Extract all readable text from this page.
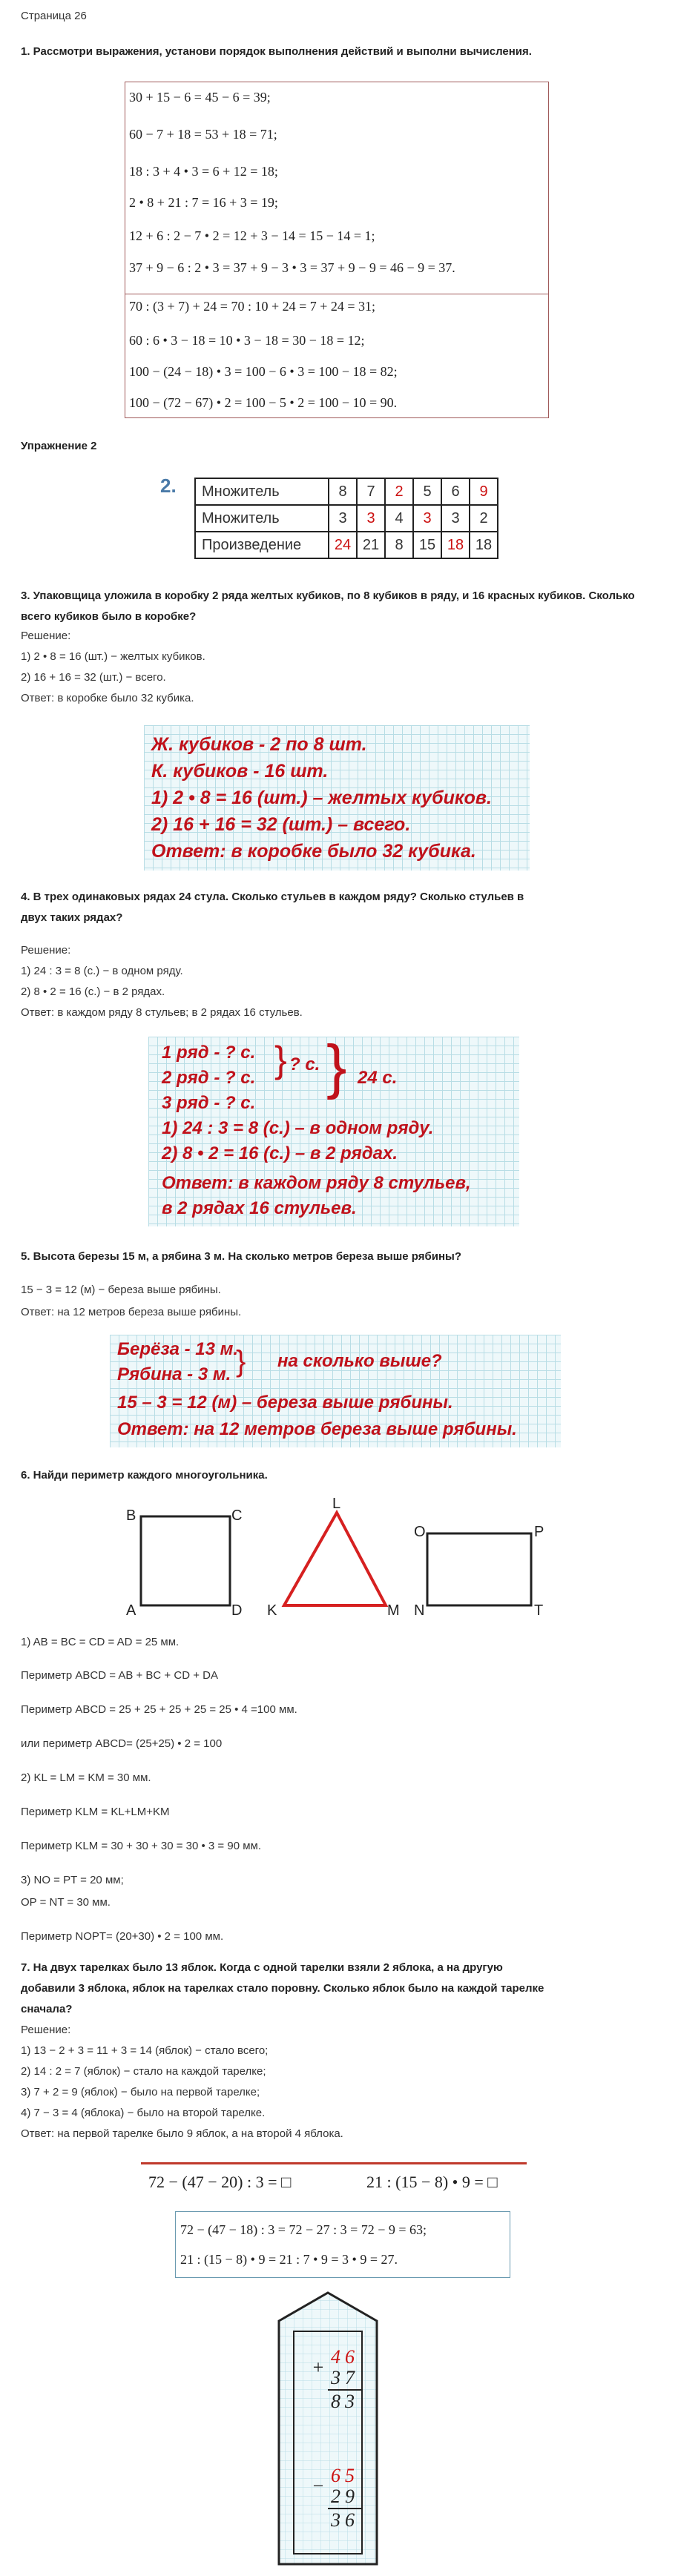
Страница 26
1. Рассмотри выражения, установи порядок выполнения действий и выполни вычисления.
30 + 15 − 6 = 45 − 6 = 39;
60 − 7 + 18 = 53 + 18 = 71;
18 : 3 + 4 • 3 = 6 + 12 = 18;
2 • 8 + 21 : 7 = 16 + 3 = 19;
12 + 6 : 2 − 7 • 2 = 12 + 3 − 14 = 15 − 14 = 1;
37 + 9 − 6 : 2 • 3 = 37 + 9 − 3 • 3 = 37 + 9 − 9 = 46 − 9 = 37.
70 : (3 + 7) + 24 = 70 : 10 + 24 = 7 + 24 = 31;
60 : 6 • 3 − 18 = 10 • 3 − 18 = 30 − 18 = 12;
100 − (24 − 18) • 3 = 100 − 6 • 3 = 100 − 18 = 82;
100 − (72 − 67) • 2 = 100 − 5 • 2 = 100 − 10 = 90.
Упражнение 2
2. Множитель	8	7	2	5	6	9
Множитель	3	3	4	3	3	2
Произведение	24	21	8	15	18	18
3. Упаковщица уложила в коробку 2 ряда желтых кубиков, по 8 кубиков в ряду, и 16 красных кубиков. Сколько всего кубиков было в коробке?
Решение:
1) 2 • 8 = 16 (шт.) − желтых кубиков.
2) 16 + 16 = 32 (шт.) − всего.
Ответ: в коробке было 32 кубика.
Ж. кубиков - 2 по 8 шт.
К. кубиков - 16 шт.
1) 2 • 8 = 16 (шт.) – желтых кубиков.
2) 16 + 16 = 32 (шт.) – всего.
Ответ: в коробке было 32 кубика.
4. В трех одинаковых рядах 24 стула. Сколько стульев в каждом ряду? Сколько стульев в
двух таких рядах?
Решение:
1) 24 : 3 = 8 (с.) − в одном ряду.
2) 8 • 2 = 16 (с.) − в 2 рядах.
Ответ: в каждом ряду 8 стульев; в 2 рядах 16 стульев.
1 ряд - ? с.
2 ряд - ? с.
3 ряд - ? с.
} ? с. } 24 с.
1) 24 : 3 = 8 (с.) – в одном ряду.
2) 8 • 2 = 16 (с.) – в 2 рядах.
Ответ: в каждом ряду 8 стульев,
в 2 рядах 16 стульев.
5. Высота березы 15 м, а рябина 3 м. На сколько метров береза выше рябины?
15 − 3 = 12 (м) − береза выше рябины.
Ответ: на 12 метров береза выше рябины.
Берёза - 13 м.
Рябина - 3 м. } на сколько выше?
15 – 3 = 12 (м) – береза выше рябины.
Ответ: на 12 метров береза выше рябины.
6. Найди периметр каждого многоугольника.
B	C
A	D
L
K	M
O	P
N	T
1) AB = BC = CD = AD = 25 мм.
Периметр ABCD = AB + BC + CD + DA
Периметр ABCD = 25 + 25 + 25 + 25 = 25 • 4 =100 мм.
или периметр ABCD= (25+25) • 2 = 100
2) KL = LM = KM = 30 мм.
Периметр KLM = KL+LM+KM
Периметр KLM = 30 + 30 + 30 = 30 • 3 = 90 мм.
3) NO = PT = 20 мм;
OP = NT = 30 мм.
Периметр NOPT= (20+30) • 2 = 100 мм.
7. На двух тарелках было 13 яблок. Когда с одной тарелки взяли 2 яблока, а на другую
добавили 3 яблока, яблок на тарелках стало поровну. Сколько яблок было на каждой тарелке
сначала?
Решение:
1) 13 − 2 + 3 = 11 + 3 = 14 (яблок) − стало всего;
2) 14 : 2 = 7 (яблок) − стало на каждой тарелке;
3) 7 + 2 = 9 (яблок) − было на первой тарелке;
4) 7 − 3 = 4 (яблока) − было на второй тарелке.
Ответ: на первой тарелке было 9 яблок, а на второй 4 яблока.
72 − (47 − 20) : 3 = □	21 : (15 − 8) • 9 = □
72 − (47 − 18) : 3 = 72 − 27 : 3 = 72 − 9 = 63;
21 : (15 − 8) • 9 = 21 : 7 • 9 = 3 • 9 = 27.
+ 46
37
83
− 65
29
36
